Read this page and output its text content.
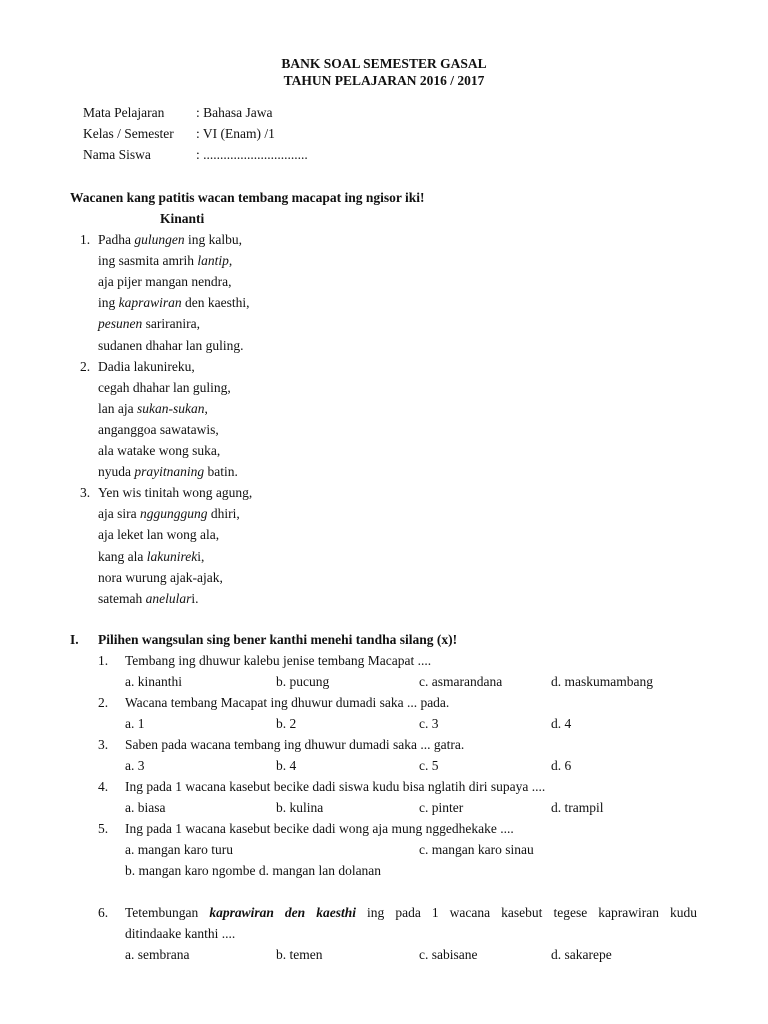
BANK SOAL SEMESTER GASAL
TAHUN PELAJARAN 2016 / 2017
Mata Pelajaran : Bahasa Jawa
Kelas / Semester : VI (Enam) /1
Nama Siswa	: ...............................
Wacanen kang patitis wacan tembang macapat ing ngisor iki!
Kinanti
1. Padha gulungen ing kalbu,
ing sasmita amrih lantip,
aja pijer mangan nendra,
ing kaprawiran den kaesthi,
pesunen sariranira,
sudanen dhahar lan guling.
2. Dadia lakunireku,
cegah dhahar lan guling,
lan aja sukan-sukan,
anganggoa sawatawis,
ala watake wong suka,
nyuda prayitnaning batin.
3. Yen wis tinitah wong agung,
aja sira nggunggung dhiri,
aja leket lan wong ala,
kang ala lakunireki,
nora wurung ajak-ajak,
satemah anelulari.
I. Pilihen wangsulan sing bener kanthi menehi tandha silang (x)!
1. Tembang ing dhuwur kalebu jenise tembang Macapat ....
a. kinanthi	b. pucung	c. asmarandana	d. maskumambang
2. Wacana tembang Macapat ing dhuwur dumadi saka ... pada.
a. 1	b. 2	c. 3	d. 4
3. Saben pada wacana tembang ing dhuwur dumadi saka ... gatra.
a. 3	b. 4	c. 5	d. 6
4. Ing pada 1 wacana kasebut becike dadi siswa kudu bisa nglatih diri supaya ....
a. biasa	b. kulina	c. pinter	d. trampil
5. Ing pada 1 wacana kasebut becike dadi wong aja mung nggedhekake ....
a. mangan karo turu	c. mangan karo sinau
b. mangan karo ngombe d. mangan lan dolanan
6. Tetembungan kaprawiran den kaesthi ing pada 1 wacana kasebut tegese kaprawiran kudu
ditindaake kanthi ....
a. sembrana	b. temen	c. sabisane	d. sakarepe
